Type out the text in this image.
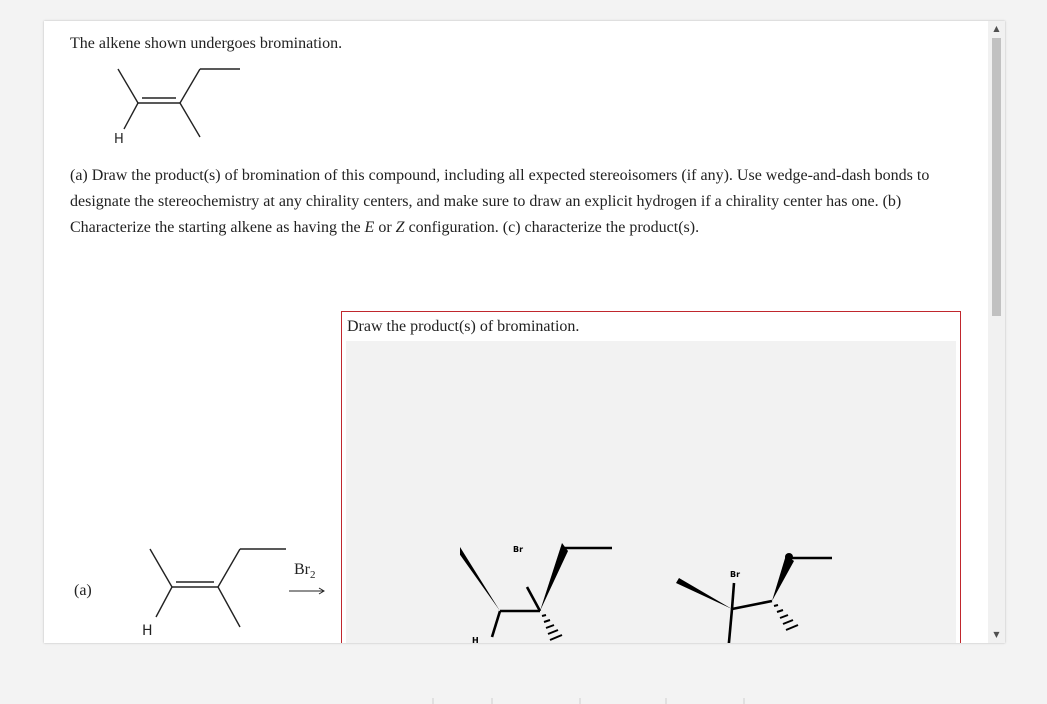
The alkene shown undergoes bromination.
H
(a) Draw the product(s) of bromination of this compound, including all expected stereoisomers (if any). Use wedge-and-dash bonds to designate the stereochemistry at any chirality centers, and make sure to draw an explicit hydrogen if a chirality center has one. (b) Characterize the starting alkene as having the E or Z configuration. (c) characterize the product(s).
Draw the product(s) of bromination.
Br
H
Br
(a)
H
$Br_2$
▲
▼
